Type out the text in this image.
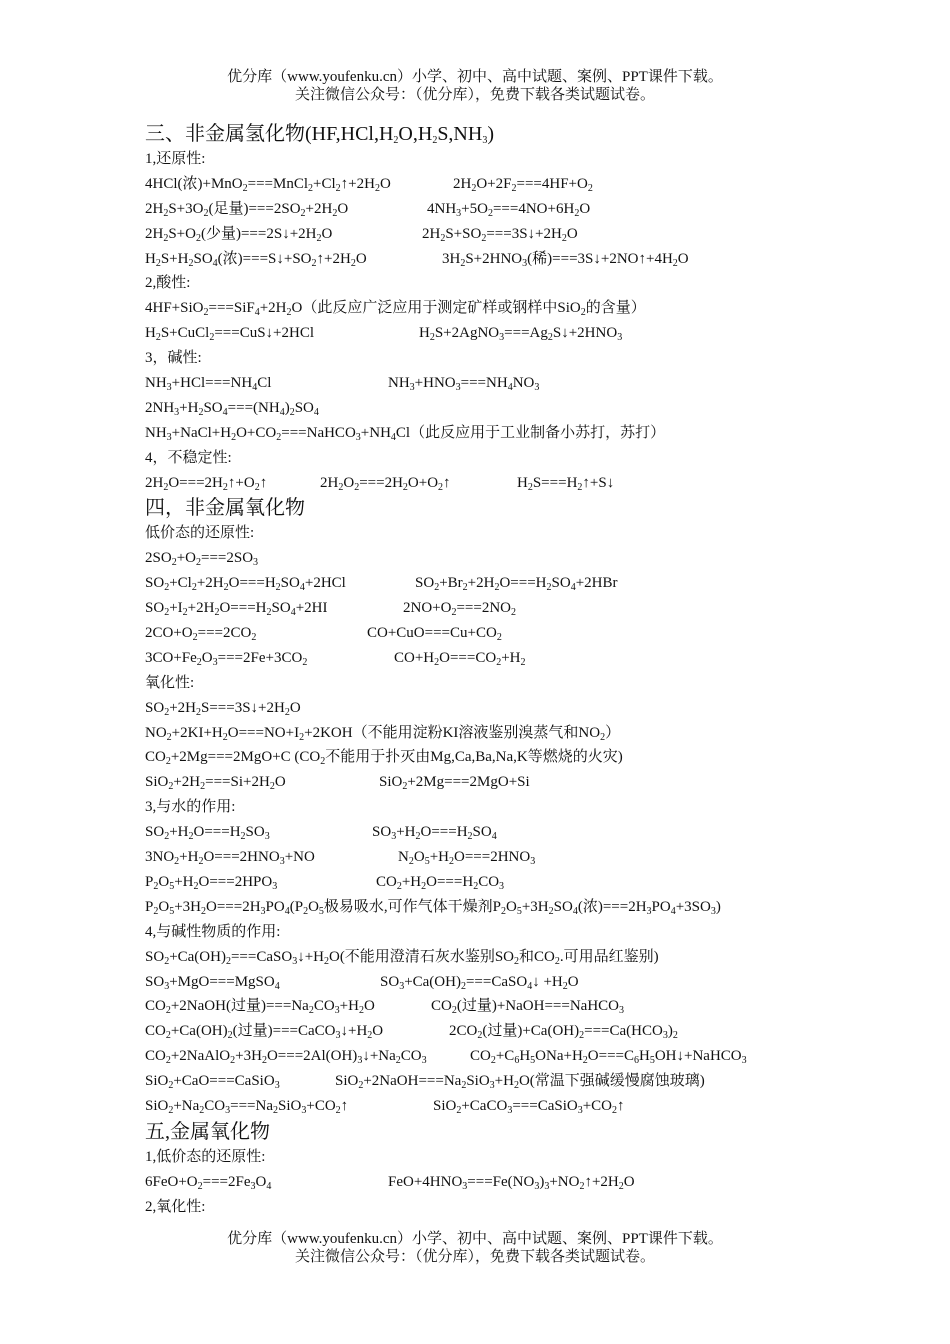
优分库（www.youfenku.cn）小学、初中、高中试题、案例、PPT课件下载。
关注微信公众号：（优分库），免费下载各类试题试卷。
三、非金属氢化物$(HF,HCl,H_2O,H_2S,NH_3)$
1,还原性:
4HCl(浓)$+MnO_2===MnCl_2+Cl_2↑+2H_2O$	$2H_2O+2F_2===4HF+O_2$
$2H_2S+3O_2$(足量)$===2SO_2+2H_2O$	$4NH_3+5O_2===4NO+6H_2O$
$2H_2S+O_2$(少量)$===2S↓+2H_2O$	$2H_2S+SO_2===3S↓+2H_2O$
$H_2S+H_2SO_4$(浓)$===S↓+SO_2↑+2H_2O$	$3H_2S+2HNO_3$(稀)$===3S↓+2NO↑+4H_2O$
2,酸性:
$4HF+SiO_2===SiF_4+2H_2O$（此反应广泛应用于测定矿样或钢样中SiO$_2$的含量）
$H_2S+CuCl_2===CuS↓+2HCl$	$H_2S+2AgNO_3===Ag_2S↓+2HNO_3$
3，碱性:
$NH_3+HCl===NH_4Cl$	$NH_3+HNO_3===NH_4NO_3$
$2NH_3+H_2SO_4===(NH_4)_2SO_4$
$NH_3+NaCl+H_2O+CO_2===NaHCO_3+NH_4Cl$（此反应用于工业制备小苏打，苏打）
4，不稳定性:
$2H_2O===2H_2↑+O_2↑$	$2H_2O_2===2H_2O+O_2↑$	$H_2S===H_2↑+S↓$
四，非金属氧化物
低价态的还原性:
$2SO_2+O_2===2SO_3$
$SO_2+Cl_2+2H_2O===H_2SO_4+2HCl$	$SO_2+Br_2+2H_2O===H_2SO_4+2HBr$
$SO_2+I_2+2H_2O===H_2SO_4+2HI$	$2NO+O_2===2NO_2$
$2CO+O_2===2CO_2$	$CO+CuO===Cu+CO_2$
$3CO+Fe_2O_3===2Fe+3CO_2$	$CO+H_2O===CO_2+H_2$
氧化性:
$SO_2+2H_2S===3S↓+2H_2O$
$NO_2+2KI+H_2O===NO+I_2+2KOH$（不能用淀粉KI溶液鉴别溴蒸气和$NO_2$）
$CO_2+2Mg===2MgO+C$ ($CO_2$不能用于扑灭由Mg,Ca,Ba,Na,K等燃烧的火灾)
$SiO_2+2H_2===Si+2H_2O$	SiO$_2$+2Mg===2MgO+Si
3,与水的作用:
$SO_2+H_2O===H_2SO_3$	$SO_3+H_2O===H_2SO_4$
$3NO_2+H_2O===2HNO_3+NO$	$N_2O_5+H_2O===2HNO_3$
$P_2O_5+H_2O===2HPO_3$	$CO_2+H_2O===H_2CO_3$
$P_2O_5+3H_2O===2H_3PO_4(P_2O_5$极易吸水,可作气体干燥剂$P_2O_5+3H_2SO_4$(浓)$===2H_3PO_4+3SO_3$)
4,与碱性物质的作用:
$SO_2+Ca(OH)_2===CaSO_3↓+H_2O$(不能用澄清石灰水鉴别$SO_2$和$CO_2$.可用品红鉴别)
$SO_3+MgO===MgSO_4$	$SO_3+Ca(OH)_2===CaSO_4↓ +H_2O$
$CO_2+2NaOH$(过量)$===Na_2CO_3+H_2O$	$CO_2$(过量)+NaOH===NaHCO$_3$
$CO_2+Ca(OH)_2$(过量)$===CaCO_3↓+H_2O$	$2CO_2$(过量)$+Ca(OH)_2===Ca(HCO_3)_2$
$CO_2+2NaAlO_2+3H_2O===2Al(OH)_3↓+Na_2CO_3$	$CO_2+C_6H_5ONa+H_2O===C_6H_5OH↓+NaHCO_3$
SiO$_2$+CaO===CaSiO$_3$	$SiO_2+2NaOH===Na_2SiO_3+H_2O$(常温下强碱缓慢腐蚀玻璃)
$SiO_2+Na_2CO_3===Na_2SiO_3+CO_2↑$	$SiO_2+CaCO_3===CaSiO_3+CO_2↑$
五,金属氧化物
1,低价态的还原性:
$6FeO+O_2===2Fe_3O_4$	$FeO+4HNO_3===Fe(NO_3)_3+NO_2↑+2H_2O$
2,氧化性:
优分库（www.youfenku.cn）小学、初中、高中试题、案例、PPT课件下载。
关注微信公众号：（优分库），免费下载各类试题试卷。
